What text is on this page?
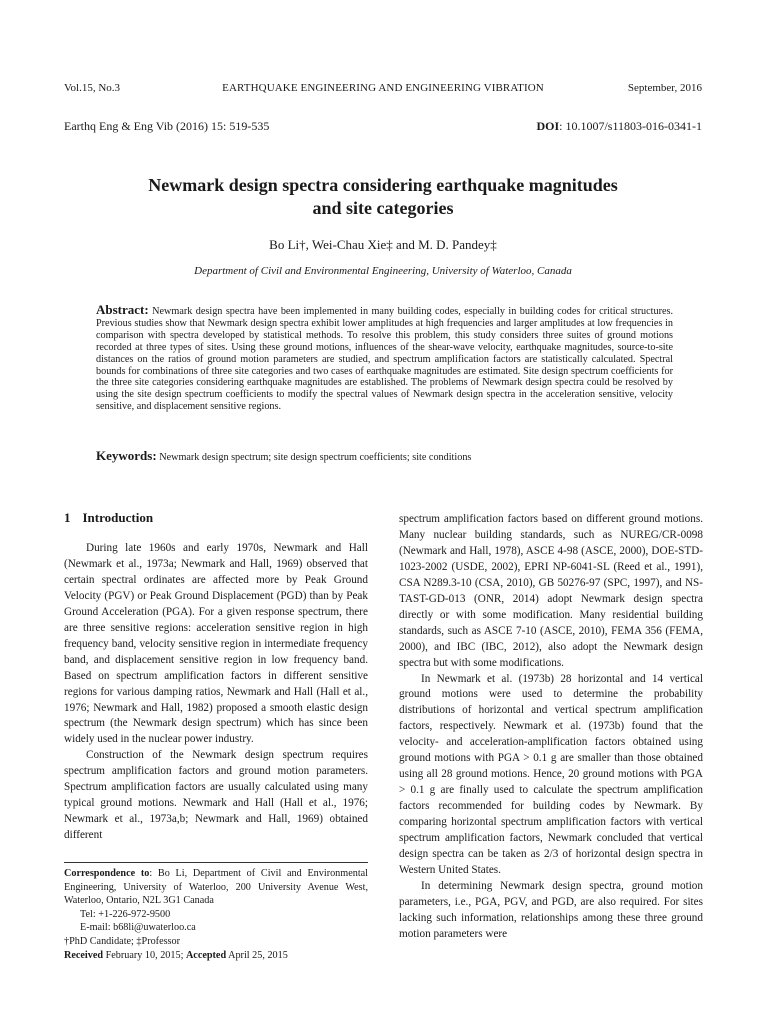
Vol.15, No.3	EARTHQUAKE ENGINEERING AND ENGINEERING VIBRATION	September, 2016
Earthq Eng & Eng Vib (2016) 15: 519-535	DOI: 10.1007/s11803-016-0341-1
Newmark design spectra considering earthquake magnitudes
and site categories
Bo Li†, Wei-Chau Xie‡ and M. D. Pandey‡
Department of Civil and Environmental Engineering, University of Waterloo, Canada
Abstract: Newmark design spectra have been implemented in many building codes, especially in building codes for critical structures. Previous studies show that Newmark design spectra exhibit lower amplitudes at high frequencies and larger amplitudes at low frequencies in comparison with spectra developed by statistical methods. To resolve this problem, this study considers three suites of ground motions recorded at three types of sites. Using these ground motions, influences of the shear-wave velocity, earthquake magnitudes, source-to-site distances on the ratios of ground motion parameters are studied, and spectrum amplification factors are statistically calculated. Spectral bounds for combinations of three site categories and two cases of earthquake magnitudes are estimated. Site design spectrum coefficients for the three site categories considering earthquake magnitudes are established. The problems of Newmark design spectra could be resolved by using the site design spectrum coefficients to modify the spectral values of Newmark design spectra in the acceleration sensitive, velocity sensitive, and displacement sensitive regions.
Keywords: Newmark design spectrum; site design spectrum coefficients; site conditions
1 Introduction

During late 1960s and early 1970s, Newmark and Hall (Newmark et al., 1973a; Newmark and Hall, 1969) observed that certain spectral ordinates are affected more by Peak Ground Velocity (PGV) or Peak Ground Displacement (PGD) than by Peak Ground Acceleration (PGA). For a given response spectrum, there are three sensitive regions: acceleration sensitive region in high frequency band, velocity sensitive region in intermediate frequency band, and displacement sensitive region in low frequency band. Based on spectrum amplification factors in different sensitive regions for various damping ratios, Newmark and Hall (Hall et al., 1976; Newmark and Hall, 1982) proposed a smooth elastic design spectrum (the Newmark design spectrum) which has since been widely used in the nuclear power industry.

Construction of the Newmark design spectrum requires spectrum amplification factors and ground motion parameters. Spectrum amplification factors are usually calculated using many typical ground motions. Newmark and Hall (Hall et al., 1976; Newmark et al., 1973a,b; Newmark and Hall, 1969) obtained different

Correspondence to: Bo Li, Department of Civil and Environmental Engineering, University of Waterloo, 200 University Avenue West, Waterloo, Ontario, N2L 3G1 Canada
Tel: +1-226-972-9500
E-mail: b68li@uwaterloo.ca
†PhD Candidate; ‡Professor
Received February 10, 2015; Accepted April 25, 2015

spectrum amplification factors based on different ground motions. Many nuclear building standards, such as NUREG/CR-0098 (Newmark and Hall, 1978), ASCE 4-98 (ASCE, 2000), DOE-STD-1023-2002 (USDE, 2002), EPRI NP-6041-SL (Reed et al., 1991), CSA N289.3-10 (CSA, 2010), GB 50276-97 (SPC, 1997), and NS-TAST-GD-013 (ONR, 2014) adopt Newmark design spectra directly or with some modification. Many residential building standards, such as ASCE 7-10 (ASCE, 2010), FEMA 356 (FEMA, 2000), and IBC (IBC, 2012), also adopt the Newmark design spectra but with some modifications.

In Newmark et al. (1973b) 28 horizontal and 14 vertical ground motions were used to determine the probability distributions of horizontal and vertical spectrum amplification factors, respectively. Newmark et al. (1973b) found that the velocity- and acceleration-amplification factors obtained using ground motions with PGA > 0.1 g are smaller than those obtained using all 28 ground motions. Hence, 20 ground motions with PGA > 0.1 g are finally used to calculate the spectrum amplification factors recommended for building codes by Newmark. By comparing horizontal spectrum amplification factors with vertical spectrum amplification factors, Newmark concluded that vertical design spectra can be taken as 2/3 of horizontal design spectra in Western United States.

In determining Newmark design spectra, ground motion parameters, i.e., PGA, PGV, and PGD, are also required. For sites lacking such information, relationships among these three ground motion parameters were
